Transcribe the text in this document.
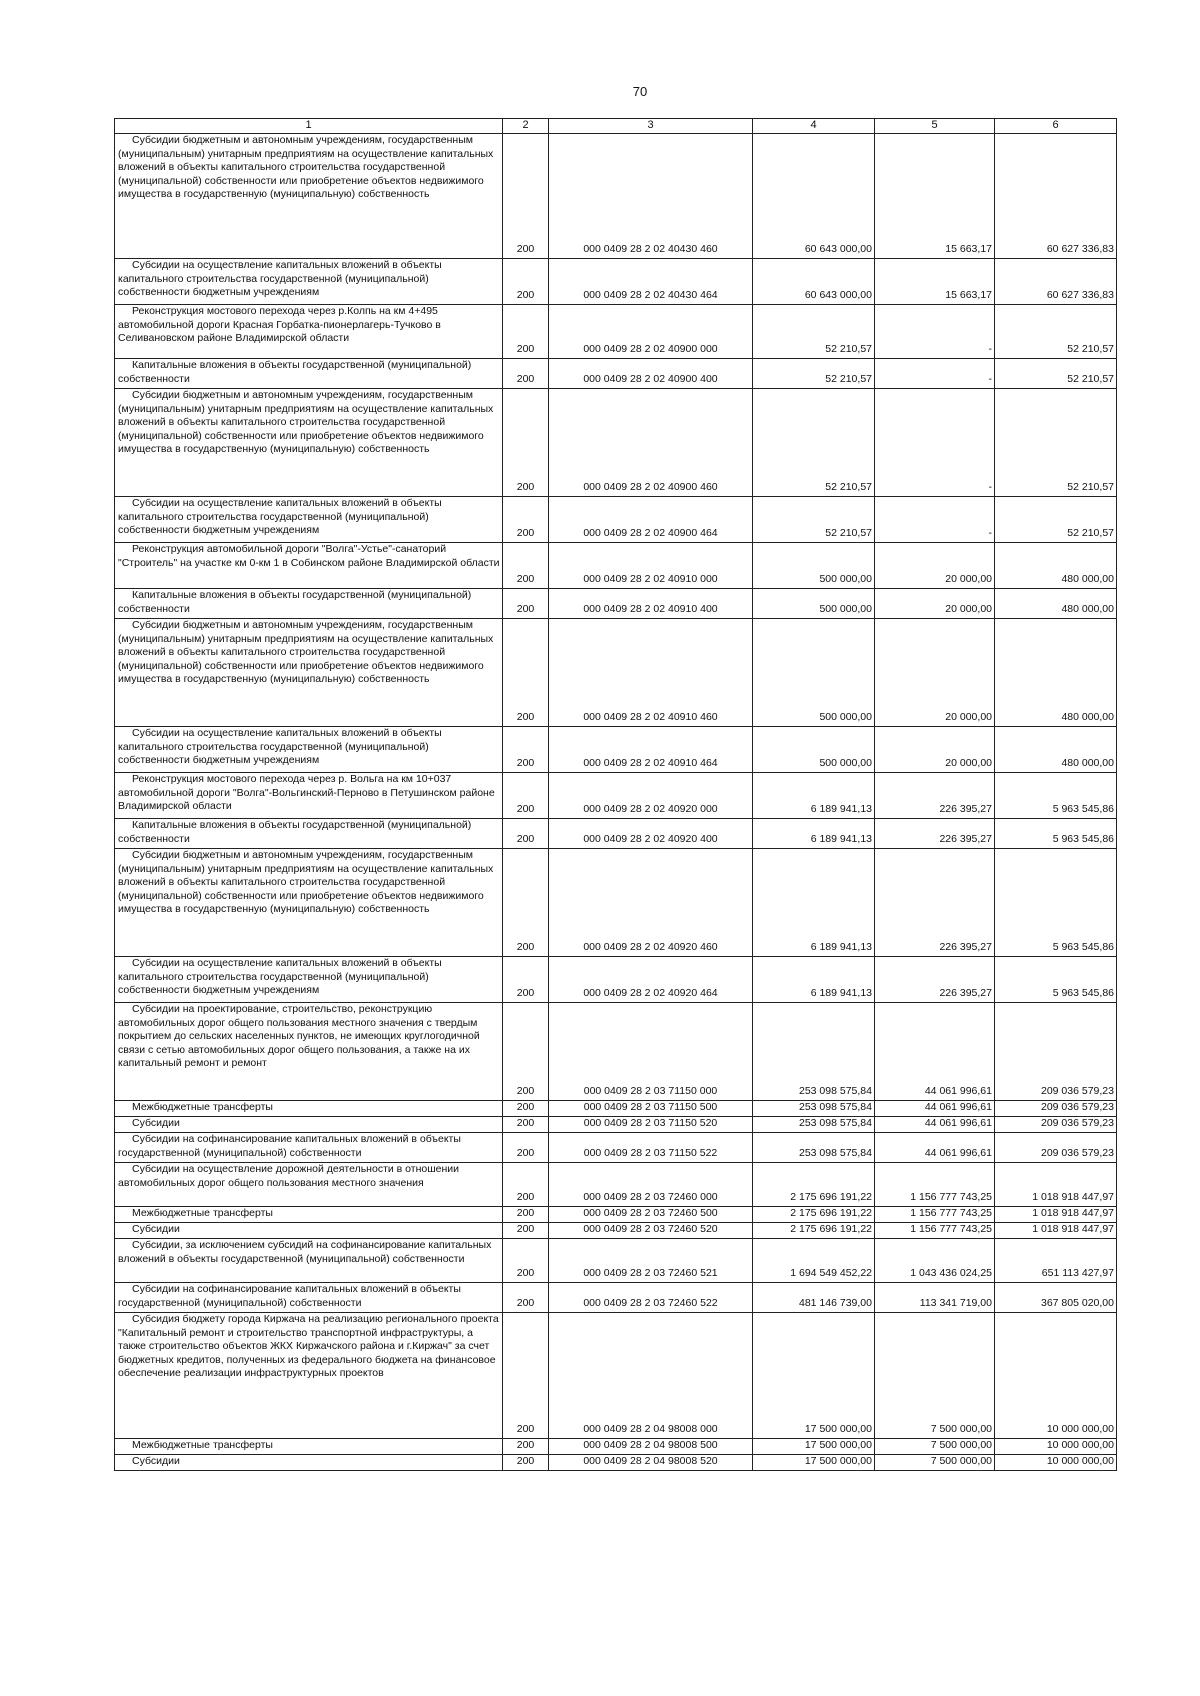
70
1	2	3	4	5	6
Субсидии бюджетным и автономным учреждениям, государственным (муниципальным) унитарным предприятиям на осуществление капитальных вложений в объекты капитального строительства государственной (муниципальной) собственности или приобретение объектов недвижимого имущества в государственную (муниципальную) собственность	200	000 0409 28 2 02 40430 460	60 643 000,00	15 663,17	60 627 336,83
Субсидии на осуществление капитальных вложений в объекты капитального строительства государственной (муниципальной) собственности бюджетным учреждениям	200	000 0409 28 2 02 40430 464	60 643 000,00	15 663,17	60 627 336,83
Реконструкция мостового перехода через р.Колпь на км 4+495 автомобильной дороги Красная Горбатка-пионерлагерь-Тучково в Селивановском районе Владимирской области	200	000 0409 28 2 02 40900 000	52 210,57	-	52 210,57
Капитальные вложения в объекты государственной (муниципальной) собственности	200	000 0409 28 2 02 40900 400	52 210,57	-	52 210,57
Субсидии бюджетным и автономным учреждениям, государственным (муниципальным) унитарным предприятиям на осуществление капитальных вложений в объекты капитального строительства государственной (муниципальной) собственности или приобретение объектов недвижимого имущества в государственную (муниципальную) собственность	200	000 0409 28 2 02 40900 460	52 210,57	-	52 210,57
Субсидии на осуществление капитальных вложений в объекты капитального строительства государственной (муниципальной) собственности бюджетным учреждениям	200	000 0409 28 2 02 40900 464	52 210,57	-	52 210,57
Реконструкция автомобильной дороги "Волга"-Устье"-санаторий "Строитель" на участке км 0-км 1 в Собинском районе Владимирской области	200	000 0409 28 2 02 40910 000	500 000,00	20 000,00	480 000,00
Капитальные вложения в объекты государственной (муниципальной) собственности	200	000 0409 28 2 02 40910 400	500 000,00	20 000,00	480 000,00
Субсидии бюджетным и автономным учреждениям, государственным (муниципальным) унитарным предприятиям на осуществление капитальных вложений в объекты капитального строительства государственной (муниципальной) собственности или приобретение объектов недвижимого имущества в государственную (муниципальную) собственность	200	000 0409 28 2 02 40910 460	500 000,00	20 000,00	480 000,00
Субсидии на осуществление капитальных вложений в объекты капитального строительства государственной (муниципальной) собственности бюджетным учреждениям	200	000 0409 28 2 02 40910 464	500 000,00	20 000,00	480 000,00
Реконструкция мостового перехода через р. Вольга на км 10+037 автомобильной дороги "Волга"-Вольгинский-Перново в Петушинском районе Владимирской области	200	000 0409 28 2 02 40920 000	6 189 941,13	226 395,27	5 963 545,86
Капитальные вложения в объекты государственной (муниципальной) собственности	200	000 0409 28 2 02 40920 400	6 189 941,13	226 395,27	5 963 545,86
Субсидии бюджетным и автономным учреждениям, государственным (муниципальным) унитарным предприятиям на осуществление капитальных вложений в объекты капитального строительства государственной (муниципальной) собственности или приобретение объектов недвижимого имущества в государственную (муниципальную) собственность	200	000 0409 28 2 02 40920 460	6 189 941,13	226 395,27	5 963 545,86
Субсидии на осуществление капитальных вложений в объекты капитального строительства государственной (муниципальной) собственности бюджетным учреждениям	200	000 0409 28 2 02 40920 464	6 189 941,13	226 395,27	5 963 545,86
Субсидии на проектирование, строительство, реконструкцию автомобильных дорог общего пользования местного значения с твердым покрытием до сельских населенных пунктов, не имеющих круглогодичной связи с сетью автомобильных дорог общего пользования, а также на их капитальный ремонт и ремонт	200	000 0409 28 2 03 71150 000	253 098 575,84	44 061 996,61	209 036 579,23
Межбюджетные трансферты	200	000 0409 28 2 03 71150 500	253 098 575,84	44 061 996,61	209 036 579,23
Субсидии	200	000 0409 28 2 03 71150 520	253 098 575,84	44 061 996,61	209 036 579,23
Субсидии на софинансирование капитальных вложений в объекты государственной (муниципальной) собственности	200	000 0409 28 2 03 71150 522	253 098 575,84	44 061 996,61	209 036 579,23
Субсидии на осуществление дорожной деятельности в отношении автомобильных дорог общего пользования местного значения	200	000 0409 28 2 03 72460 000	2 175 696 191,22	1 156 777 743,25	1 018 918 447,97
Межбюджетные трансферты	200	000 0409 28 2 03 72460 500	2 175 696 191,22	1 156 777 743,25	1 018 918 447,97
Субсидии	200	000 0409 28 2 03 72460 520	2 175 696 191,22	1 156 777 743,25	1 018 918 447,97
Субсидии, за исключением субсидий на софинансирование капитальных вложений в объекты государственной (муниципальной) собственности	200	000 0409 28 2 03 72460 521	1 694 549 452,22	1 043 436 024,25	651 113 427,97
Субсидии на софинансирование капитальных вложений в объекты государственной (муниципальной) собственности	200	000 0409 28 2 03 72460 522	481 146 739,00	113 341 719,00	367 805 020,00
Субсидия бюджету города Киржача на реализацию регионального проекта "Капитальный ремонт и строительство транспортной инфраструктуры, а также строительство объектов ЖКХ Киржачского района и г.Киржач" за счет бюджетных кредитов, полученных из федерального бюджета на финансовое обеспечение реализации инфраструктурных проектов	200	000 0409 28 2 04 98008 000	17 500 000,00	7 500 000,00	10 000 000,00
Межбюджетные трансферты	200	000 0409 28 2 04 98008 500	17 500 000,00	7 500 000,00	10 000 000,00
Субсидии	200	000 0409 28 2 04 98008 520	17 500 000,00	7 500 000,00	10 000 000,00
